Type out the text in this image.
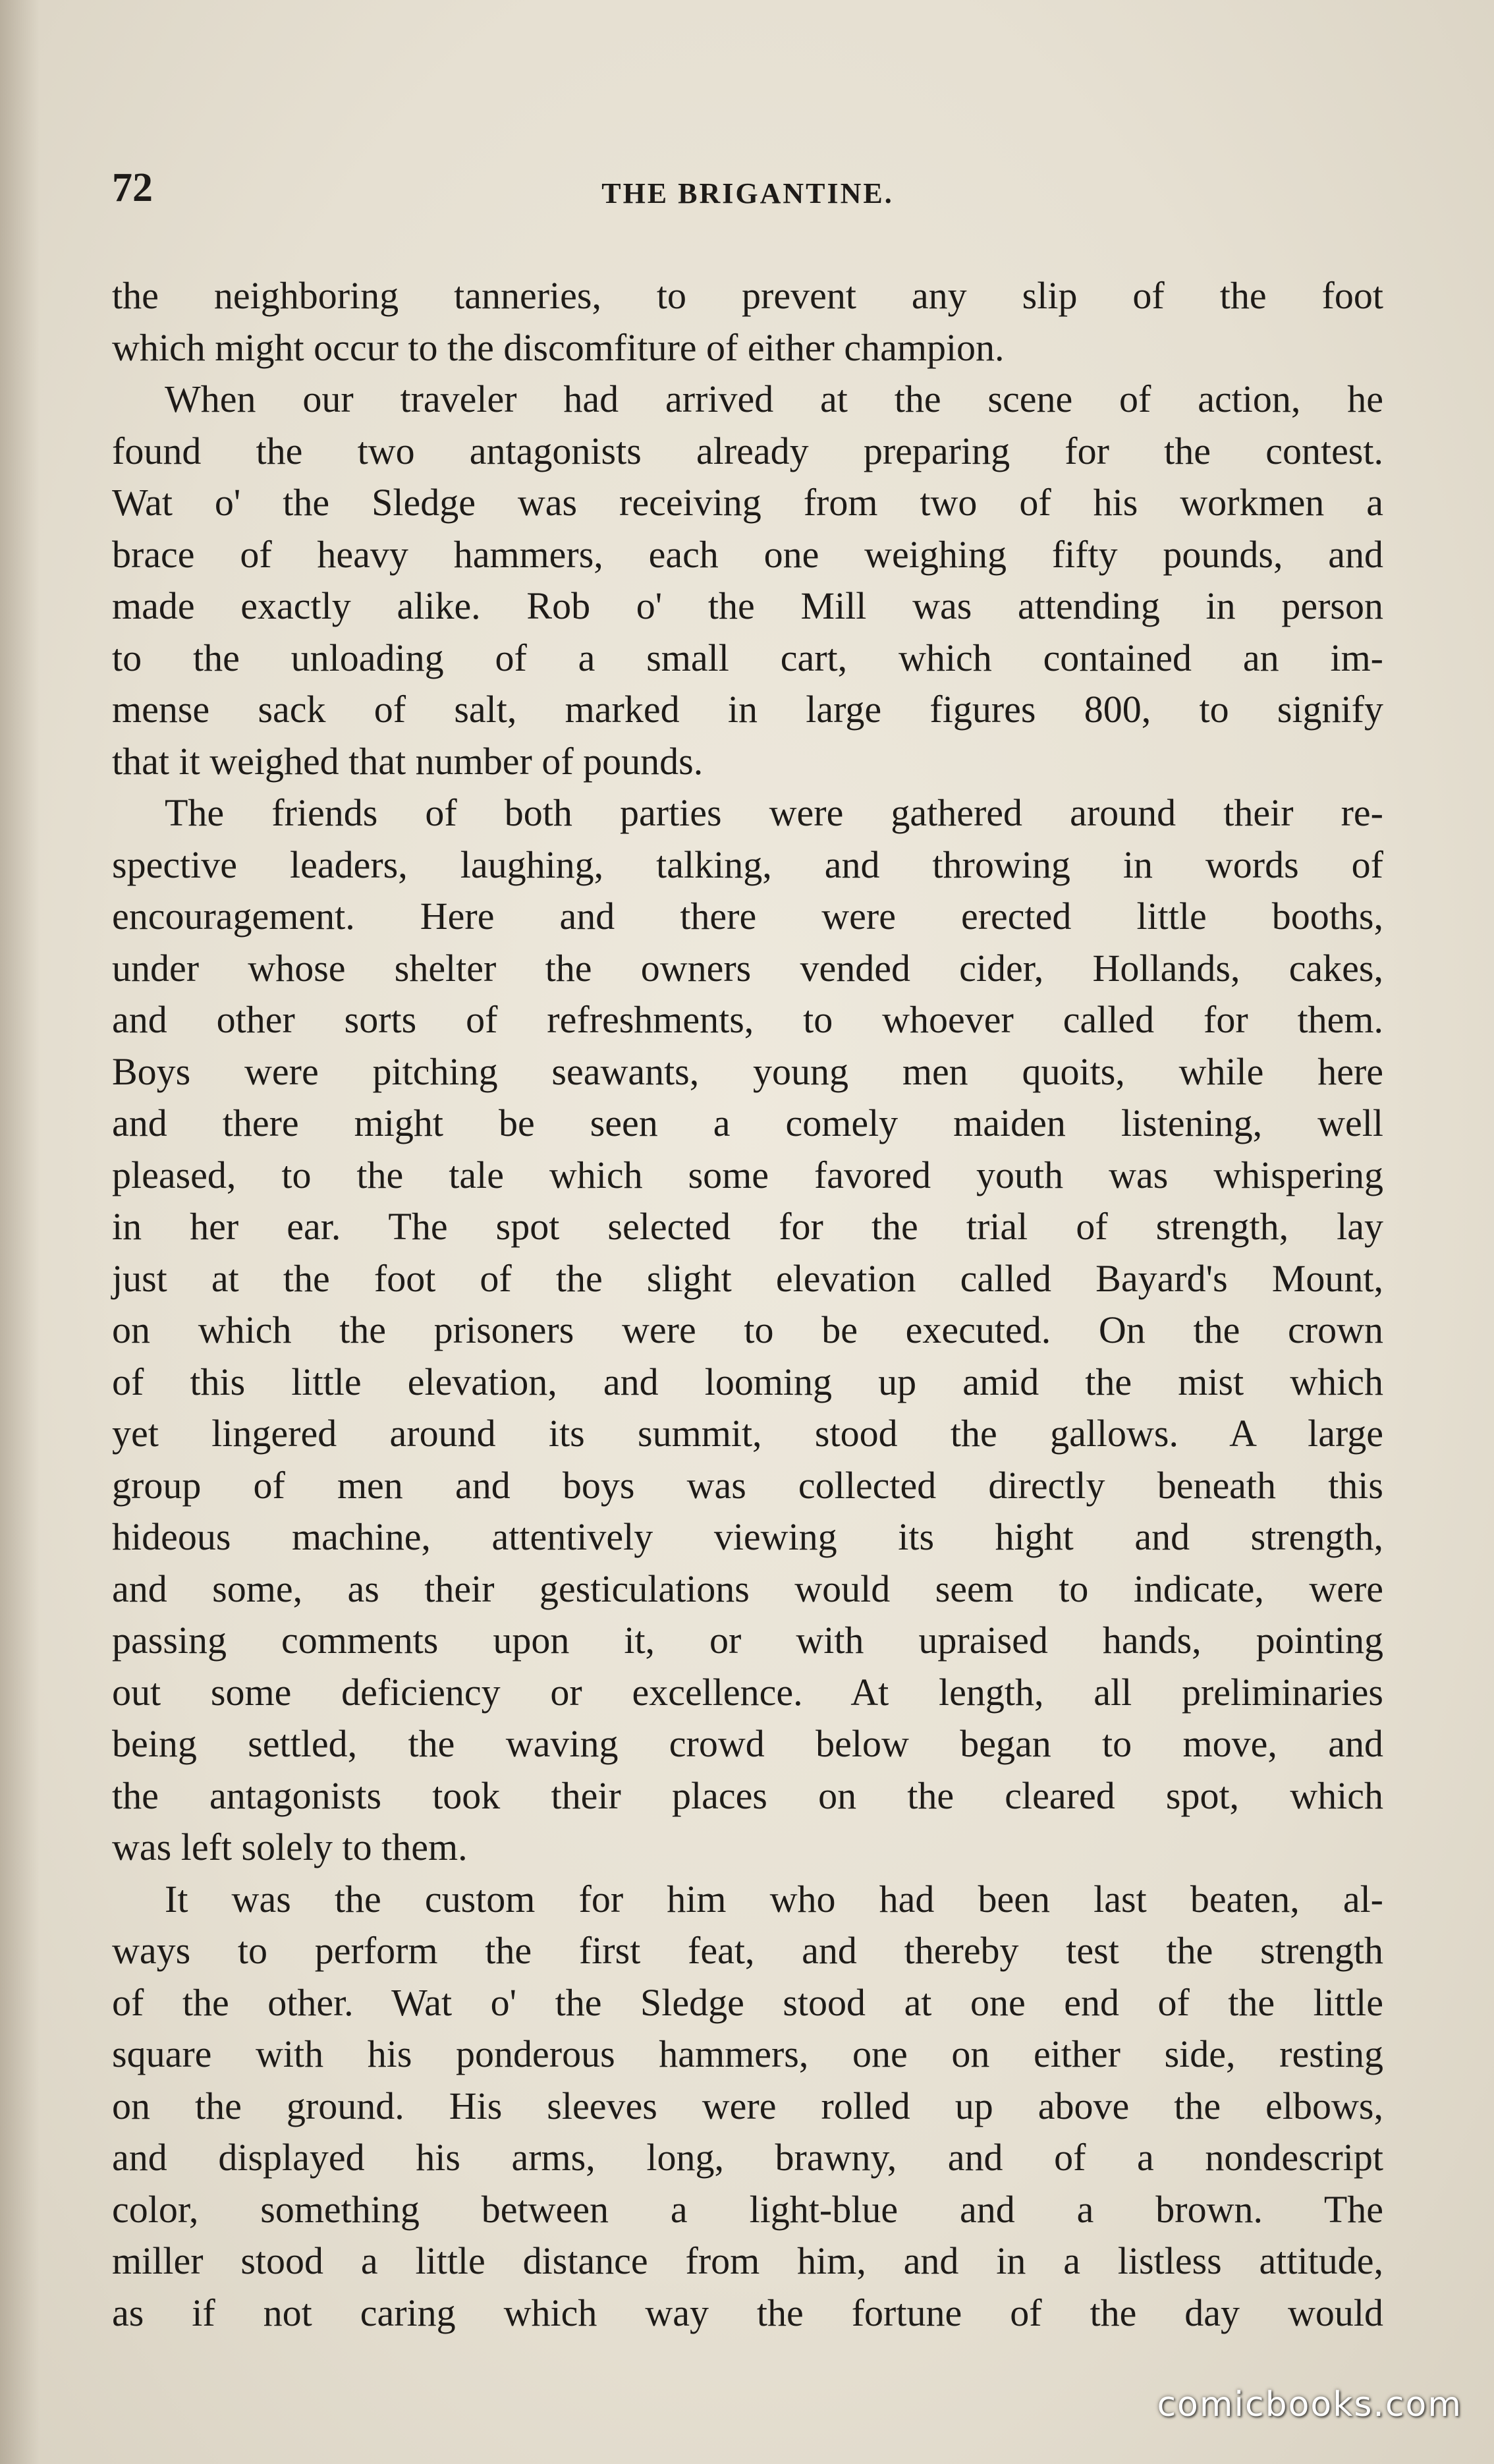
72	THE BRIGANTINE.
the neighboring tanneries, to prevent any slip of the foot
which might occur to the discomfiture of either champion.
When our traveler had arrived at the scene of action, he
found the two antagonists already preparing for the contest.
Wat o' the Sledge was receiving from two of his workmen a
brace of heavy hammers, each one weighing fifty pounds, and
made exactly alike. Rob o' the Mill was attending in person
to the unloading of a small cart, which contained an im-
mense sack of salt, marked in large figures 800, to signify
that it weighed that number of pounds.
The friends of both parties were gathered around their re-
spective leaders, laughing, talking, and throwing in words of
encouragement. Here and there were erected little booths,
under whose shelter the owners vended cider, Hollands, cakes,
and other sorts of refreshments, to whoever called for them.
Boys were pitching seawants, young men quoits, while here
and there might be seen a comely maiden listening, well
pleased, to the tale which some favored youth was whispering
in her ear. The spot selected for the trial of strength, lay
just at the foot of the slight elevation called Bayard's Mount,
on which the prisoners were to be executed. On the crown
of this little elevation, and looming up amid the mist which
yet lingered around its summit, stood the gallows. A large
group of men and boys was collected directly beneath this
hideous machine, attentively viewing its hight and strength,
and some, as their gesticulations would seem to indicate, were
passing comments upon it, or with upraised hands, pointing
out some deficiency or excellence. At length, all preliminaries
being settled, the waving crowd below began to move, and
the antagonists took their places on the cleared spot, which
was left solely to them.
It was the custom for him who had been last beaten, al-
ways to perform the first feat, and thereby test the strength
of the other. Wat o' the Sledge stood at one end of the little
square with his ponderous hammers, one on either side, resting
on the ground. His sleeves were rolled up above the elbows,
and displayed his arms, long, brawny, and of a nondescript
color, something between a light-blue and a brown. The
miller stood a little distance from him, and in a listless attitude,
as if not caring which way the fortune of the day would
comicbooks.com
